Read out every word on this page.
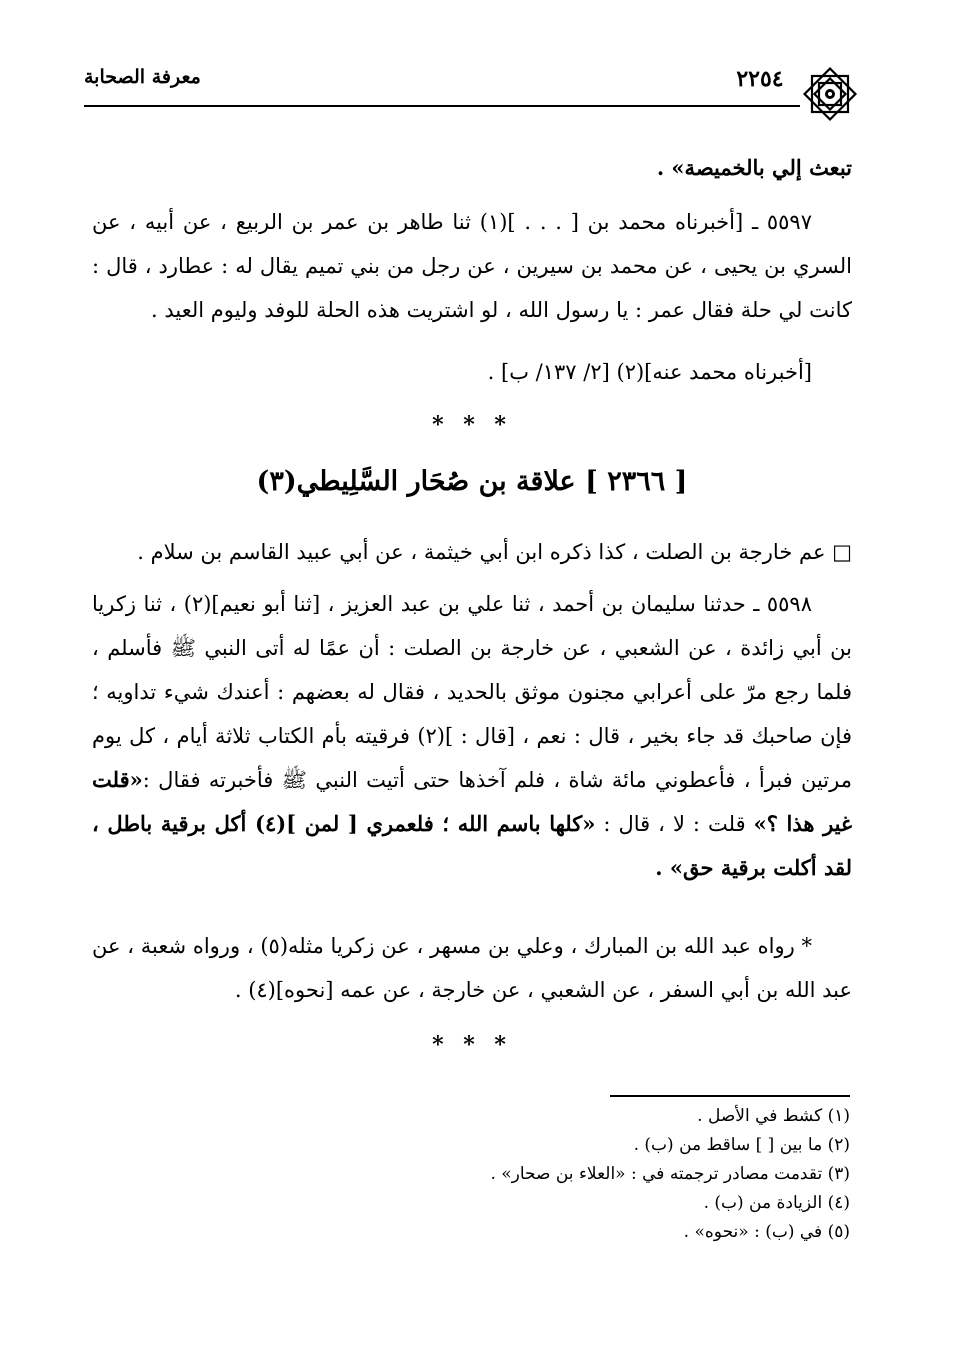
٢٢٥٤
معرفة الصحابة

تبعث إلي بالخميصة» .

٥٥٩٧ ـ [أخبرناه محمد بن [ . . . ](١) ثنا طاهر بن عمر بن الربيع ، عن أبيه ، عن السري بن يحيى ، عن محمد بن سيرين ، عن رجل من بني تميم يقال له : عطارد ، قال : كانت لي حلة فقال عمر : يا رسول الله ، لو اشتريت هذه الحلة للوفد وليوم العيد .

[أخبرناه محمد عنه](٢) [٢/ ١٣٧/ ب] .

* * *
[ ٢٣٦٦ ] علاقة بن صُحَار السَّلِيطي(٣)

□ عم خارجة بن الصلت ، كذا ذكره ابن أبي خيثمة ، عن أبي عبيد القاسم بن سلام .

٥٥٩٨ ـ حدثنا سليمان بن أحمد ، ثنا علي بن عبد العزيز ، [ثنا أبو نعيم](٢) ، ثنا زكريا بن أبي زائدة ، عن الشعبي ، عن خارجة بن الصلت : أن عمًا له أتى النبي ﷺ فأسلم ، فلما رجع مرّ على أعرابي مجنون موثق بالحديد ، فقال له بعضهم : أعندك شيء تداويه ؛ فإن صاحبك قد جاء بخير ، قال : نعم ، [قال : ](٢) فرقيته بأم الكتاب ثلاثة أيام ، كل يوم مرتين فبرأ ، فأعطوني مائة شاة ، فلم آخذها حتى أتيت النبي ﷺ فأخبرته فقال :«قلت غير هذا ؟» قلت : لا ، قال : «كلها باسم الله ؛ فلعمري [ لمن ](٤) أكل برقية باطل ، لقد أكلت برقية حق» .

* رواه عبد الله بن المبارك ، وعلي بن مسهر ، عن زكريا مثله(٥) ، ورواه شعبة ، عن عبد الله بن أبي السفر ، عن الشعبي ، عن خارجة ، عن عمه [نحوه](٤) .

* * *
(١) كشط في الأصل .
(٢) ما بين [ ] ساقط من (ب) .
(٣) تقدمت مصادر ترجمته في : «العلاء بن صحار» .
(٤) الزيادة من (ب) .
(٥) في (ب) : «نحوه» .
